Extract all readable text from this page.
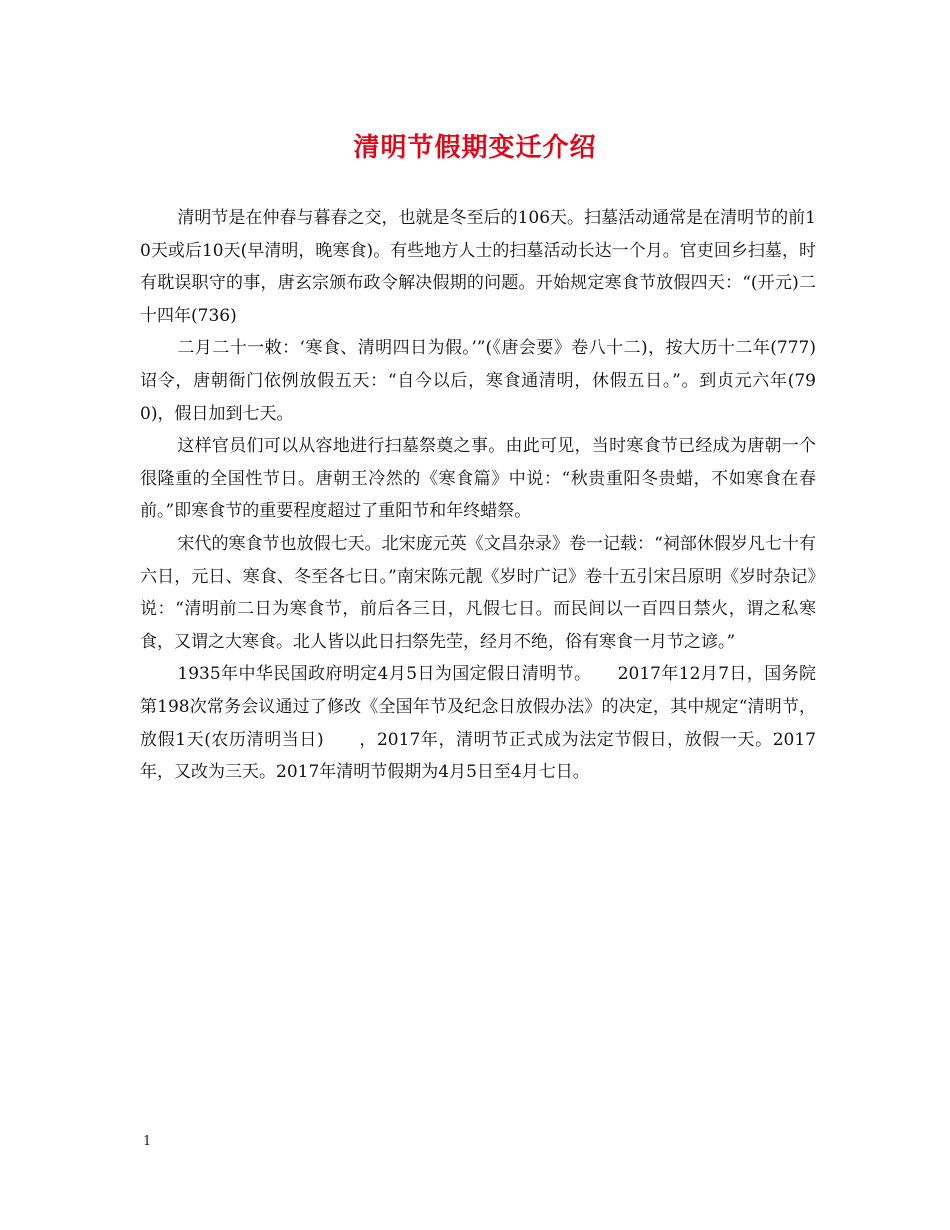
清明节假期变迁介绍

清明节是在仲春与暮春之交，也就是冬至后的106天。扫墓活动通常是在清明节的前10天或后10天(早清明，晚寒食)。有些地方人士的扫墓活动长达一个月。官吏回乡扫墓，时有耽误职守的事，唐玄宗颁布政令解决假期的问题。开始规定寒食节放假四天：“(开元)二十四年(736)

二月二十一敕：‘寒食、清明四日为假。’”(《唐会要》卷八十二)，按大历十二年(777)诏令，唐朝衙门依例放假五天：“自今以后，寒食通清明，休假五日。”。到贞元六年(790)，假日加到七天。

这样官员们可以从容地进行扫墓祭奠之事。由此可见，当时寒食节已经成为唐朝一个很隆重的全国性节日。唐朝王冷然的《寒食篇》中说：“秋贵重阳冬贵蜡，不如寒食在春前。”即寒食节的重要程度超过了重阳节和年终蜡祭。

宋代的寒食节也放假七天。北宋庞元英《文昌杂录》卷一记载：“祠部休假岁凡七十有六日，元日、寒食、冬至各七日。”南宋陈元靓《岁时广记》卷十五引宋吕原明《岁时杂记》说：“清明前二日为寒食节，前后各三日，凡假七日。而民间以一百四日禁火，谓之私寒食，又谓之大寒食。北人皆以此日扫祭先茔，经月不绝，俗有寒食一月节之谚。”

1935年中华民国政府明定4月5日为国定假日清明节。　　2017年12月7日，国务院第198次常务会议通过了修改《全国年节及纪念日放假办法》的决定，其中规定“清明节，放假1天(农历清明当日)　　，2017年，清明节正式成为法定节假日，放假一天。2017年，又改为三天。2017年清明节假期为4月5日至4月七日。

1
